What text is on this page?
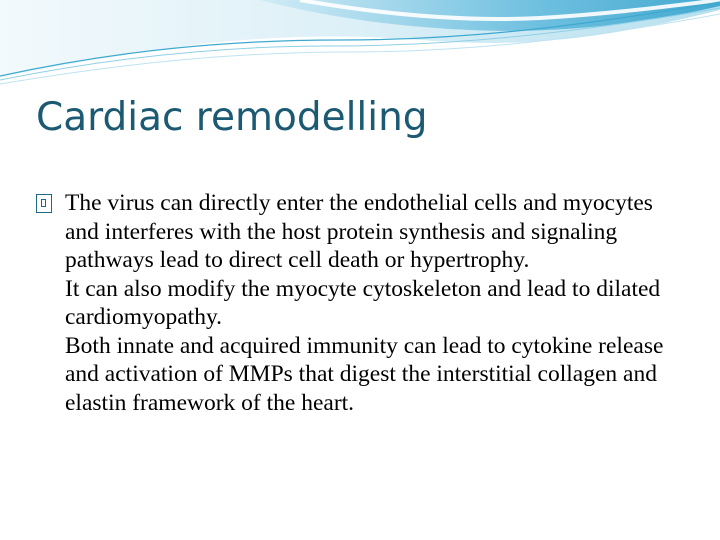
Cardiac remodelling

The virus can directly enter the endothelial cells and myocytes and interferes with the host protein synthesis and signaling pathways lead to direct cell death or hypertrophy.

It can also modify the myocyte cytoskeleton and lead to dilated cardiomyopathy.

Both innate and acquired immunity can lead to cytokine release and activation of MMPs that digest the interstitial collagen and elastin framework of the heart.
